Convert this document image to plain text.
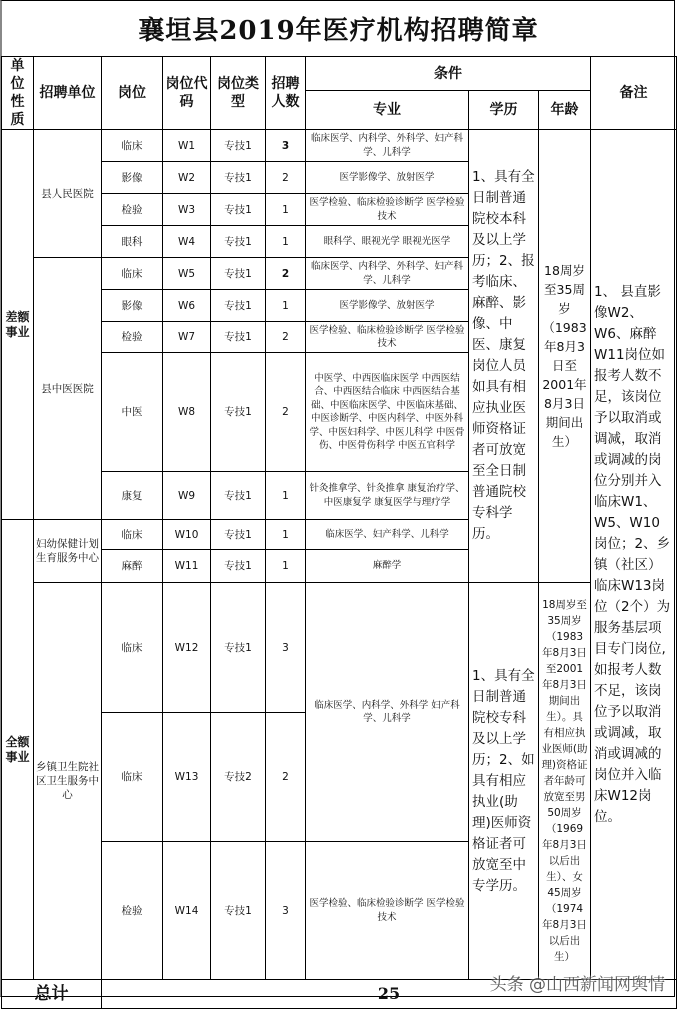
襄垣县2019年医疗机构招聘简章
单位性质	招聘单位	岗位	岗位代码	岗位类型	招聘人数	条件			备注	
						专业	学历	年龄		
差额事业	县人民医院	临床	W1	专技1	3	临床医学、内科学、外科学、妇产科学、儿科学	1、具有全日制普通院校本科及以上学历；2、报考临床、麻醉、影像、中医、康复岗位人员如具有相应执业医师资格证者可放宽至全日制普通院校专科学历。	18周岁至35周岁（1983年8月3日至2001年8月3日期间出生）	1、 县直影像W2、W6、麻醉W11岗位如报考人数不足，该岗位予以取消或调减，取消或调减的岗位分别并入临床W1、W5、W10岗位；2、乡镇（社区）临床W13岗位（2个）为服务基层项目专门岗位,如报考人数不足，该岗位予以取消或调减，取消或调减的岗位并入临床W12岗位。	
		影像	W2	专技1	2	医学影像学、放射医学				
		检验	W3	专技1	1	医学检验、临床检验诊断学 医学检验技术				
		眼科	W4	专技1	1	眼科学、眼视光学 眼视光医学				
	县中医医院	临床	W5	专技1	2	临床医学、内科学、外科学、妇产科学、儿科学				
		影像	W6	专技1	1	医学影像学、放射医学				
		检验	W7	专技1	2	医学检验、临床检验诊断学 医学检验技术				
		中医	W8	专技1	2	中医学、中西医临床医学 中西医结合、中西医结合临床 中西医结合基础、中医临床医学、中医临床基础、中医诊断学、中医内科学、中医外科学、中医妇科学、中医儿科学 中医骨伤、中医骨伤科学 中医五官科学				
		康复	W9	专技1	1	针灸推拿学、针灸推拿 康复治疗学、中医康复学 康复医学与理疗学				
全额事业	妇幼保健计划生育服务中心	临床	W10	专技1	1	临床医学、妇产科学、儿科学				
		麻醉	W11	专技1	1	麻醉学				
	乡镇卫生院社区卫生服务中心	临床	W12	专技1	3	临床医学、内科学、外科学 妇产科学、儿科学	1、具有全日制普通院校专科及以上学历；2、如具有相应执业(助理)医师资格证者可放宽至中专学历。	18周岁至35周岁（1983年8月3日至2001年8月3日期间出生）。具有相应执业医师(助理)资格证者年龄可放宽至男50周岁（1969年8月3日以后出生）、女45周岁（1974年8月3日以后出生）		
		临床	W13	专技2	2					
		检验	W14	专技1	3	医学检验、临床检验诊断学 医学检验技术				
总计		25									头条 @山西新闻网舆情
